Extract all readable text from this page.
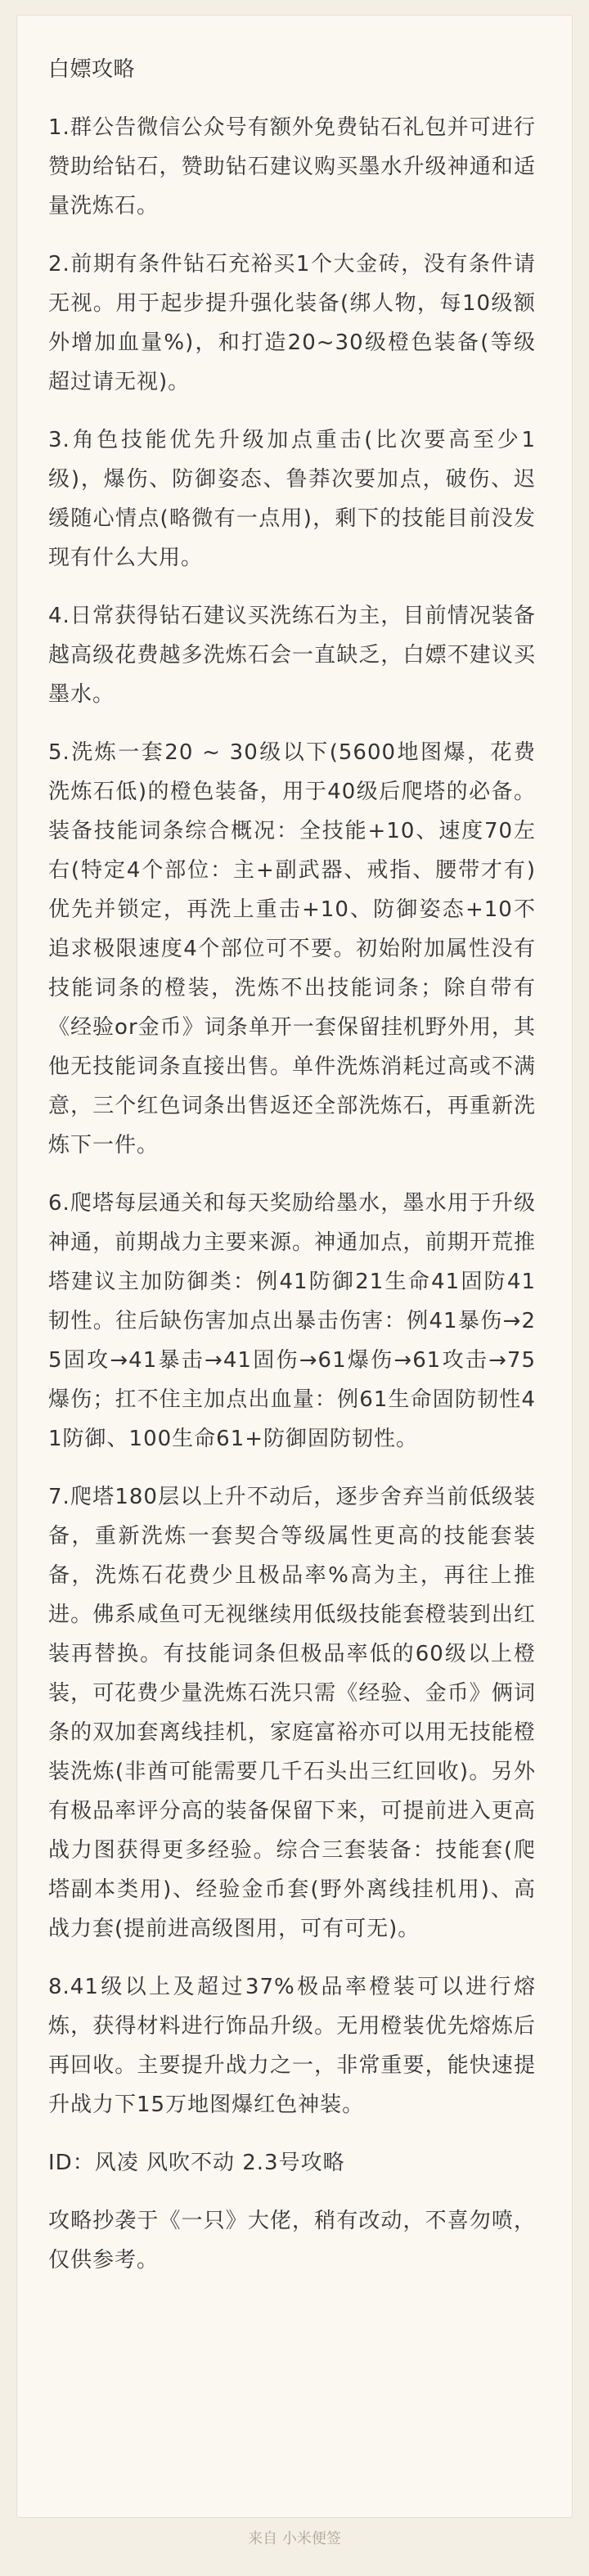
白嫖攻略

1.群公告微信公众号有额外免费钻石礼包并可进行赞助给钻石，赞助钻石建议购买墨水升级神通和适量洗炼石。

2.前期有条件钻石充裕买1个大金砖，没有条件请无视。用于起步提升强化装备(绑人物，每10级额外增加血量%)，和打造20~30级橙色装备(等级超过请无视)。

3.角色技能优先升级加点重击(比次要高至少1级)，爆伤、防御姿态、鲁莽次要加点，破伤、迟缓随心情点(略微有一点用)，剩下的技能目前没发现有什么大用。

4.日常获得钻石建议买洗练石为主，目前情况装备越高级花费越多洗炼石会一直缺乏，白嫖不建议买墨水。

5.洗炼一套20 ~ 30级以下(5600地图爆，花费洗炼石低)的橙色装备，用于40级后爬塔的必备。装备技能词条综合概况：全技能+10、速度70左右(特定4个部位：主+副武器、戒指、腰带才有)优先并锁定，再洗上重击+10、防御姿态+10不追求极限速度4个部位可不要。初始附加属性没有技能词条的橙装，洗炼不出技能词条；除自带有《经验or金币》词条单开一套保留挂机野外用，其他无技能词条直接出售。单件洗炼消耗过高或不满意，三个红色词条出售返还全部洗炼石，再重新洗炼下一件。

6.爬塔每层通关和每天奖励给墨水，墨水用于升级神通，前期战力主要来源。神通加点，前期开荒推塔建议主加防御类：例41防御21生命41固防41韧性。往后缺伤害加点出暴击伤害：例41暴伤→25固攻→41暴击→41固伤→61爆伤→61攻击→75爆伤；扛不住主加点出血量：例61生命固防韧性41防御、100生命61+防御固防韧性。

7.爬塔180层以上升不动后，逐步舍弃当前低级装备，重新洗炼一套契合等级属性更高的技能套装备，洗炼石花费少且极品率%高为主，再往上推进。佛系咸鱼可无视继续用低级技能套橙装到出红装再替换。有技能词条但极品率低的60级以上橙装，可花费少量洗炼石洗只需《经验、金币》俩词条的双加套离线挂机，家庭富裕亦可以用无技能橙装洗炼(非酋可能需要几千石头出三红回收)。另外有极品率评分高的装备保留下来，可提前进入更高战力图获得更多经验。综合三套装备：技能套(爬塔副本类用)、经验金币套(野外离线挂机用)、高战力套(提前进高级图用，可有可无)。

8.41级以上及超过37%极品率橙装可以进行熔炼，获得材料进行饰品升级。无用橙装优先熔炼后再回收。主要提升战力之一，非常重要，能快速提升战力下15万地图爆红色神装。

ID：风凌 风吹不动 2.3号攻略

攻略抄袭于《一只》大佬，稍有改动，不喜勿喷，仅供参考。

来自 小米便签
